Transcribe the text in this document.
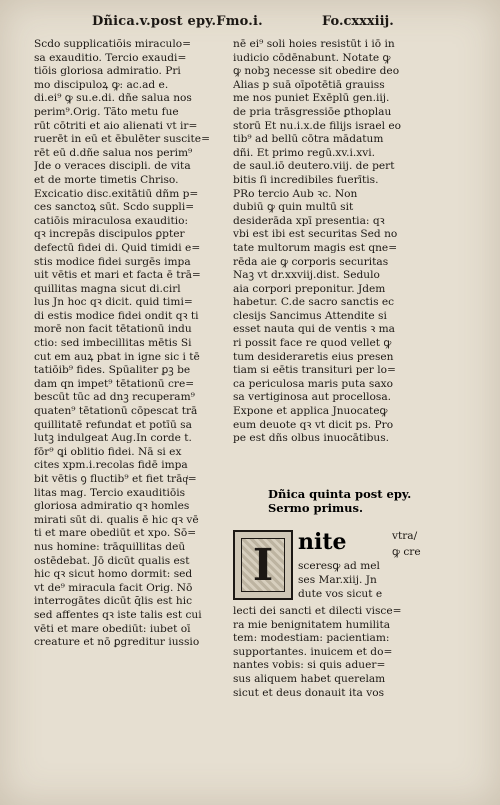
Dñica.v.post epy.Fmo.i.	Fo.cxxxiij.
Scdo supplicatiõis miraculo=
sa exauditio. Tercio exaudi=
tiõis gloriosa admiratio. Pri
mo discipuloꝝ ꝙ: ac.ad e.
di.ei⁹ ꝙ su.e.di. dñe salua nos
perim⁹.Orig. Tãto metu fue
rūt cōtriti et aio alienati vt ir=
ruerēt in eū et ēbulēter suscite=
rēt eū d.dñe salua nos perim⁹
Jde o veraces discipli. de vita
et de morte timetis Chriso.
Excicatio disc.exitātiū dñm p=
ces sanctoꝝ sūt. Scdo suppli=
catiōis miraculosa exauditio:
qꝛ increpās discipulos ꝑpter
defectū fidei di. Quid timidi e=
stis modice fidei surgēs impa
uit vētis et mari et facta ē trā=
quillitas magna sicut di.cirl
lus Jn hoc qꝛ dicit. quid timi=
di estis modice fidei ondit qꝛ ti
morē non facit tētationū indu
ctio: sed imbecillitas mētis Si
cut em auꝝ pbat in igne sic i tē
tatiōib⁹ fides. Spūaliter ꝑꝫ be
dam qn impet⁹ tētationū cre=
bescūt tūc ad dnꝫ recuperam⁹
quaten⁹ tētationū cōpescat trā
quillitatē refundat et potīū sa
lutꝫ indulgeat Aug.In corde t.
fōr⁹ ꝗi oblitio fidei. Nā si ex
cites xpm.i.recolas fidē impa
bit vētis ꝯ fluctib⁹ et fiet trāqͥ=
litas mag. Tercio exauditiōis
gloriosa admiratio qꝛ homles
mirati sūt di. qualis ē hic qꝛ vē
ti et mare obediūt et xpo. Sō=
nus homine: trāquillitas deū
ostēdebat. Jō dicūt qualis est
hic qꝛ sicut homo dormit: sed
vt de⁹ miracula facit Orig. Nō
interrogātes dicūt q̄lis est hic
sed affentes qꝛ iste talis est cui
vēti et mare obediūt: iubet oī
creature et nō ꝑgreditur iussio
nē ei⁹ soli hoies resistūt i iō in
iudicio cōdēnabunt. Notate ꝙ
ꝙ nobꝫ necesse sit obedire deo
Alias p suā oīpotētiā grauiss
me nos puniet Exēplū gen.iij.
de pria trāsgressiōe ꝑthoplau
storū Et nu.i.x.de filijs israel eo
tib⁹ ad bellū cōtra mādatum
dñi. Et primo regū.xv.i.xvi.
de saul.iō deutero.viij. de pert
bitis ſi incredibiles fuerītis.
PRo tercio Aub̄ ꝛc. Non
dubiū ꝙ quin multū sit
desiderāda xpī presentia: qꝛ
vbi est ibi est securitas Sed no
tate multorum magis est qne=
rēda aie ꝙ corporis securitas
Naꝫ vt dr.xxviij.dist. Sedulo
aia corpori preponitur. Jdem
habetur. C.de sacro sanctis ec
clesijs Sancimus Attendite si
esset nauta qui de ventis ꝛ ma
ri possit face re quod vellet ꝙ
tum desideraretis eius presen
tiam si eētis transituri per lo=
ca periculosa maris puta saxo
sa vertiginosa aut procellosa.
Expone et applica Jnuocateꝙ
eum deuote qꝛ vt dicit ps. Pro
pe est dñs olbus inuocātibus.
Dñica quinta post epy.
Sermo primus.
I	nite	vtra/
ꝙ cre
sceresꝙ ad mel
ses Mar.xiij. Jn
dute vos sicut e
lecti dei sancti et dilecti visce=
ra mie benignitatem humilita
tem: modestiam: pacientiam:
supportantes. inuicem et do=
nantes vobis: si quis aduer=
sus aliquem habet querelam
sicut et deus donauit ita vos
